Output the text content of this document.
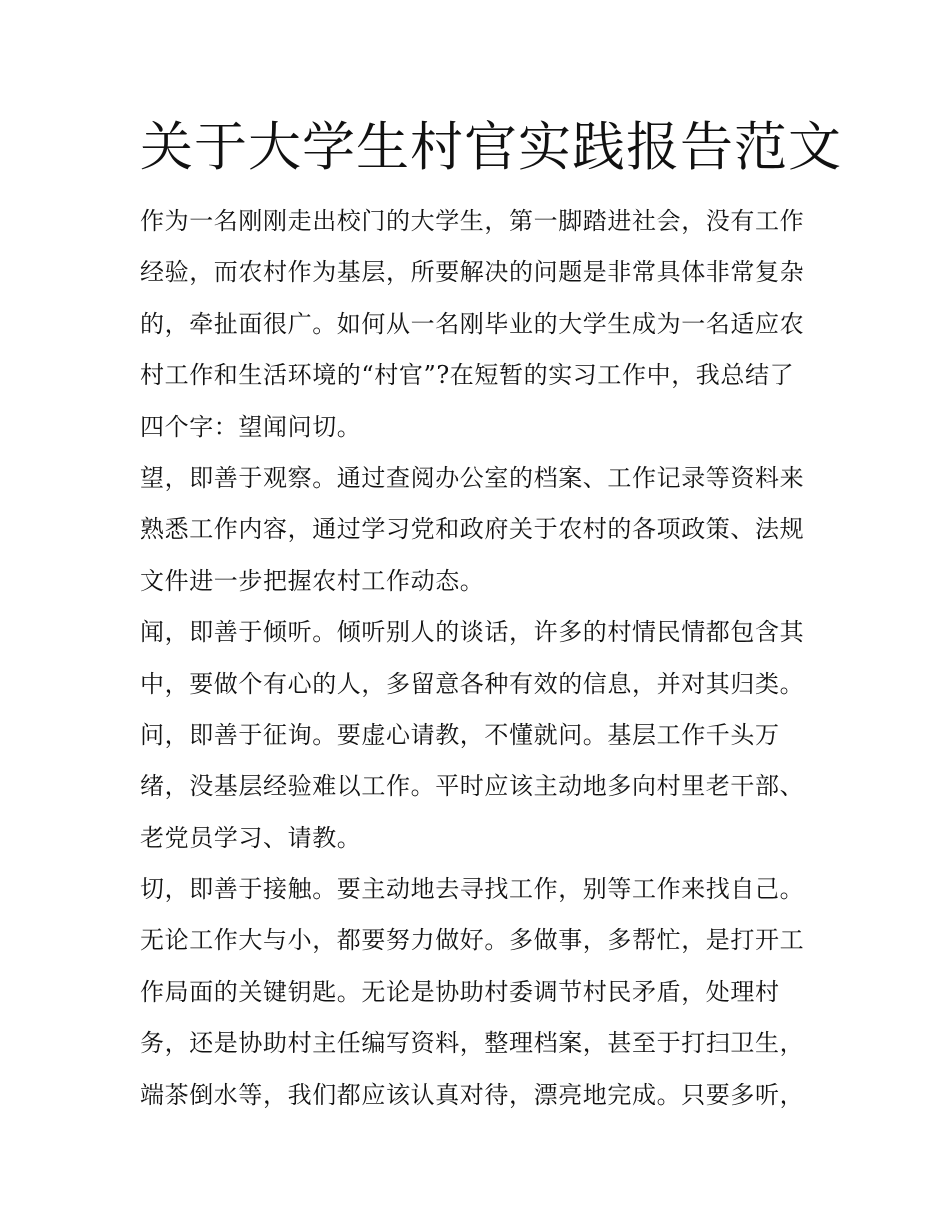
关于大学生村官实践报告范文
作为一名刚刚走出校门的大学生，第一脚踏进社会，没有工作
经验，而农村作为基层，所要解决的问题是非常具体非常复杂
的，牵扯面很广。如何从一名刚毕业的大学生成为一名适应农
村工作和生活环境的“村官”?在短暂的实习工作中，我总结了
四个字：望闻问切。
望，即善于观察。通过查阅办公室的档案、工作记录等资料来
熟悉工作内容，通过学习党和政府关于农村的各项政策、法规
文件进一步把握农村工作动态。
闻，即善于倾听。倾听别人的谈话，许多的村情民情都包含其
中，要做个有心的人，多留意各种有效的信息，并对其归类。
问，即善于征询。要虚心请教，不懂就问。基层工作千头万
绪，没基层经验难以工作。平时应该主动地多向村里老干部、
老党员学习、请教。
切，即善于接触。要主动地去寻找工作，别等工作来找自己。
无论工作大与小，都要努力做好。多做事，多帮忙，是打开工
作局面的关键钥匙。无论是协助村委调节村民矛盾，处理村
务，还是协助村主任编写资料，整理档案，甚至于打扫卫生，
端茶倒水等，我们都应该认真对待，漂亮地完成。只要多听，
